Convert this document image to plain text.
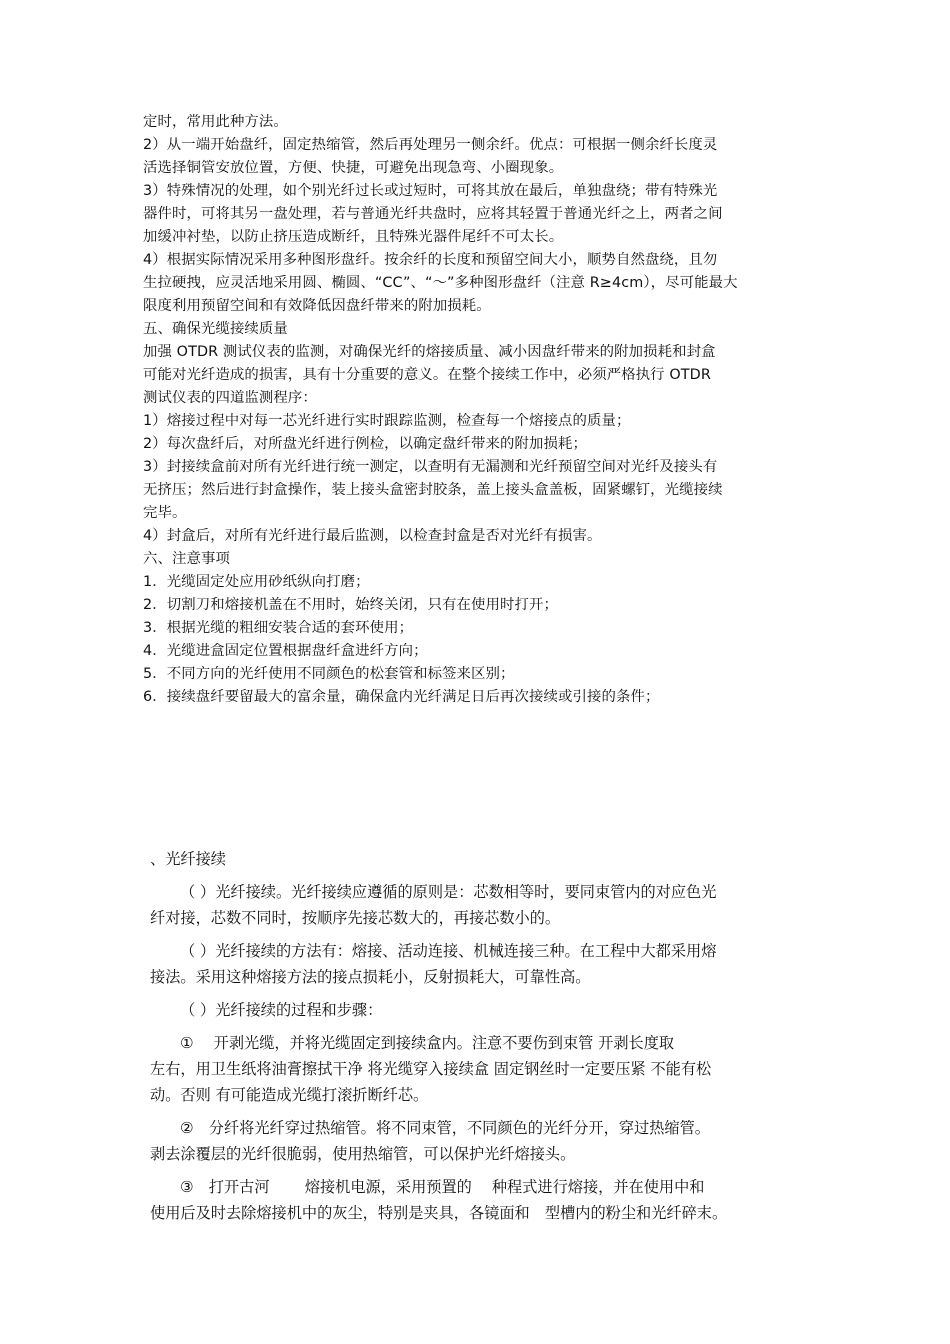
定时，常用此种方法。
2）从一端开始盘纤，固定热缩管，然后再处理另一侧余纤。优点：可根据一侧余纤长度灵
活选择铜管安放位置，方便、快捷，可避免出现急弯、小圈现象。
3）特殊情况的处理，如个别光纤过长或过短时，可将其放在最后，单独盘绕；带有特殊光
器件时，可将其另一盘处理，若与普通光纤共盘时，应将其轻置于普通光纤之上，两者之间
加缓冲衬垫，以防止挤压造成断纤，且特殊光器件尾纤不可太长。
4）根据实际情况采用多种图形盘纤。按余纤的长度和预留空间大小，顺势自然盘绕，且勿
生拉硬拽，应灵活地采用圆、椭圆、“CC”、“～”多种图形盘纤（注意 R≥4cm），尽可能最大
限度利用预留空间和有效降低因盘纤带来的附加损耗。
五、确保光缆接续质量
加强 OTDR 测试仪表的监测，对确保光纤的熔接质量、减小因盘纤带来的附加损耗和封盒
可能对光纤造成的损害，具有十分重要的意义。在整个接续工作中，必须严格执行 OTDR
测试仪表的四道监测程序：
1）熔接过程中对每一芯光纤进行实时跟踪监测，检查每一个熔接点的质量；
2）每次盘纤后，对所盘光纤进行例检，以确定盘纤带来的附加损耗；
3）封接续盒前对所有光纤进行统一测定，以查明有无漏测和光纤预留空间对光纤及接头有
无挤压；然后进行封盒操作，装上接头盒密封胶条，盖上接头盒盖板，固紧螺钉，光缆接续
完毕。
4）封盒后，对所有光纤进行最后监测，以检查封盒是否对光纤有损害。
六、注意事项
1．光缆固定处应用砂纸纵向打磨；
2．切割刀和熔接机盖在不用时，始终关闭，只有在使用时打开；
3．根据光缆的粗细安装合适的套环使用；
4．光缆进盒固定位置根据盘纤盒进纤方向；
5．不同方向的光纤使用不同颜色的松套管和标签来区别；
6．接续盘纤要留最大的富余量，确保盒内光纤满足日后再次接续或引接的条件；
、光纤接续
（ ）光纤接续。光纤接续应遵循的原则是：芯数相等时，要同束管内的对应色光
纤对接，芯数不同时，按顺序先接芯数大的，再接芯数小的。
（ ）光纤接续的方法有：熔接、活动连接、机械连接三种。在工程中大都采用熔
接法。采用这种熔接方法的接点损耗小，反射损耗大，可靠性高。
（ ）光纤接续的过程和步骤：
①　 开剥光缆，并将光缆固定到接续盒内。注意不要伤到束管 开剥长度取
左右，用卫生纸将油膏擦拭干净 将光缆穿入接续盒 固定钢丝时一定要压紧 不能有松
动。否则 有可能造成光缆打滚折断纤芯。
②　分纤将光纤穿过热缩管。将不同束管，不同颜色的光纤分开，穿过热缩管。
剥去涂覆层的光纤很脆弱，使用热缩管，可以保护光纤熔接头。
③　打开古河　　 熔接机电源，采用预置的　 种程式进行熔接，并在使用中和
使用后及时去除熔接机中的灰尘，特别是夹具，各镜面和　型槽内的粉尘和光纤碎末。
